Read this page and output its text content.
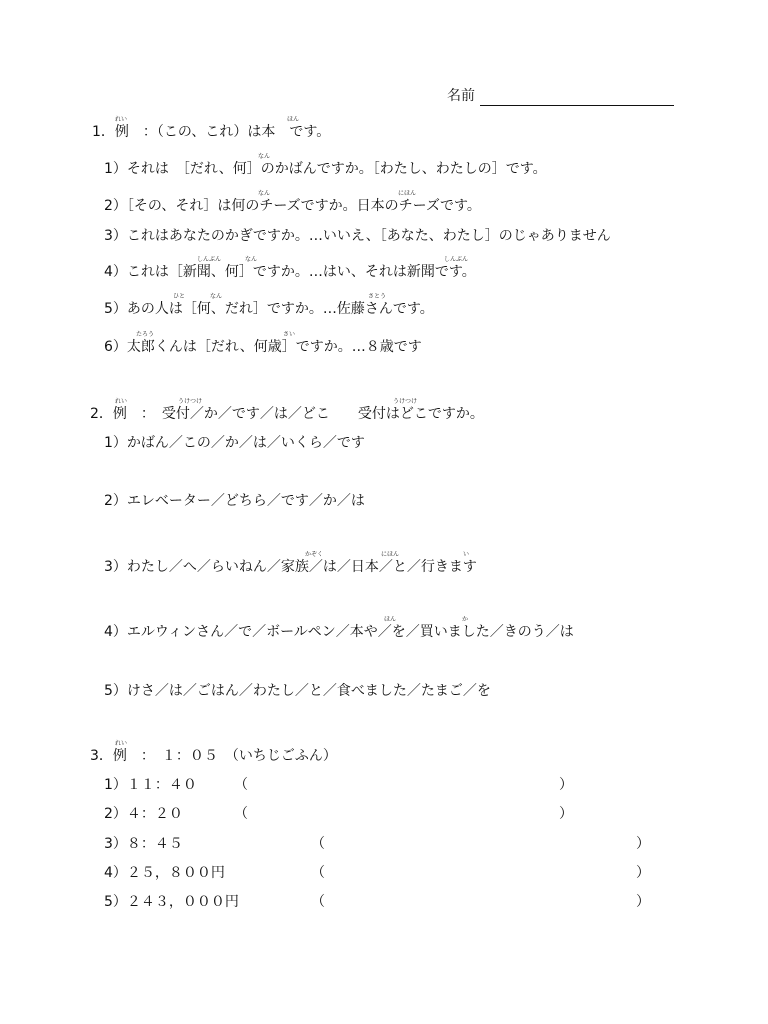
名前
れい	ほん
1．例　：（この、これ）は本　です。
なん
1）それは　［だれ、何］のかばんですか。［わたし、わたしの］です。
なん	にほん
2）［その、それ］は何のチーズですか。日本のチーズです。
3）これはあなたのかぎですか。…いいえ、［あなた、わたし］のじゃありません
しんぶん	なん	しんぶん
4）これは［新聞、何］ですか。…はい、それは新聞です。
ひと	なん	さとう
5）あの人は［何、だれ］ですか。…佐藤さんです。
たろう	さい
6）太郎くんは［だれ、何歳］ですか。…８歳です
れい	うけつけ	うけつけ
2．例　：　受付／か／です／は／どこ　　受付はどこですか。
1）かばん／この／か／は／いくら／です
2）エレベーター／どちら／です／か／は
かぞく	にほん	い
3）わたし／へ／らいねん／家族／は／日本／と／行きます
ほん	か
4）エルウィンさん／で／ボールペン／本や／を／買いました／きのう／は
5）けさ／は／ごはん／わたし／と／食べました／たまご／を
れい
3．例　：　１：０５　（いちじごふん）
1）１１：４０	（	）
2）４：２０	（	）
3）８：４５	（	）
4）２５，８００円	（	）
5）２４３，０００円	（	）
